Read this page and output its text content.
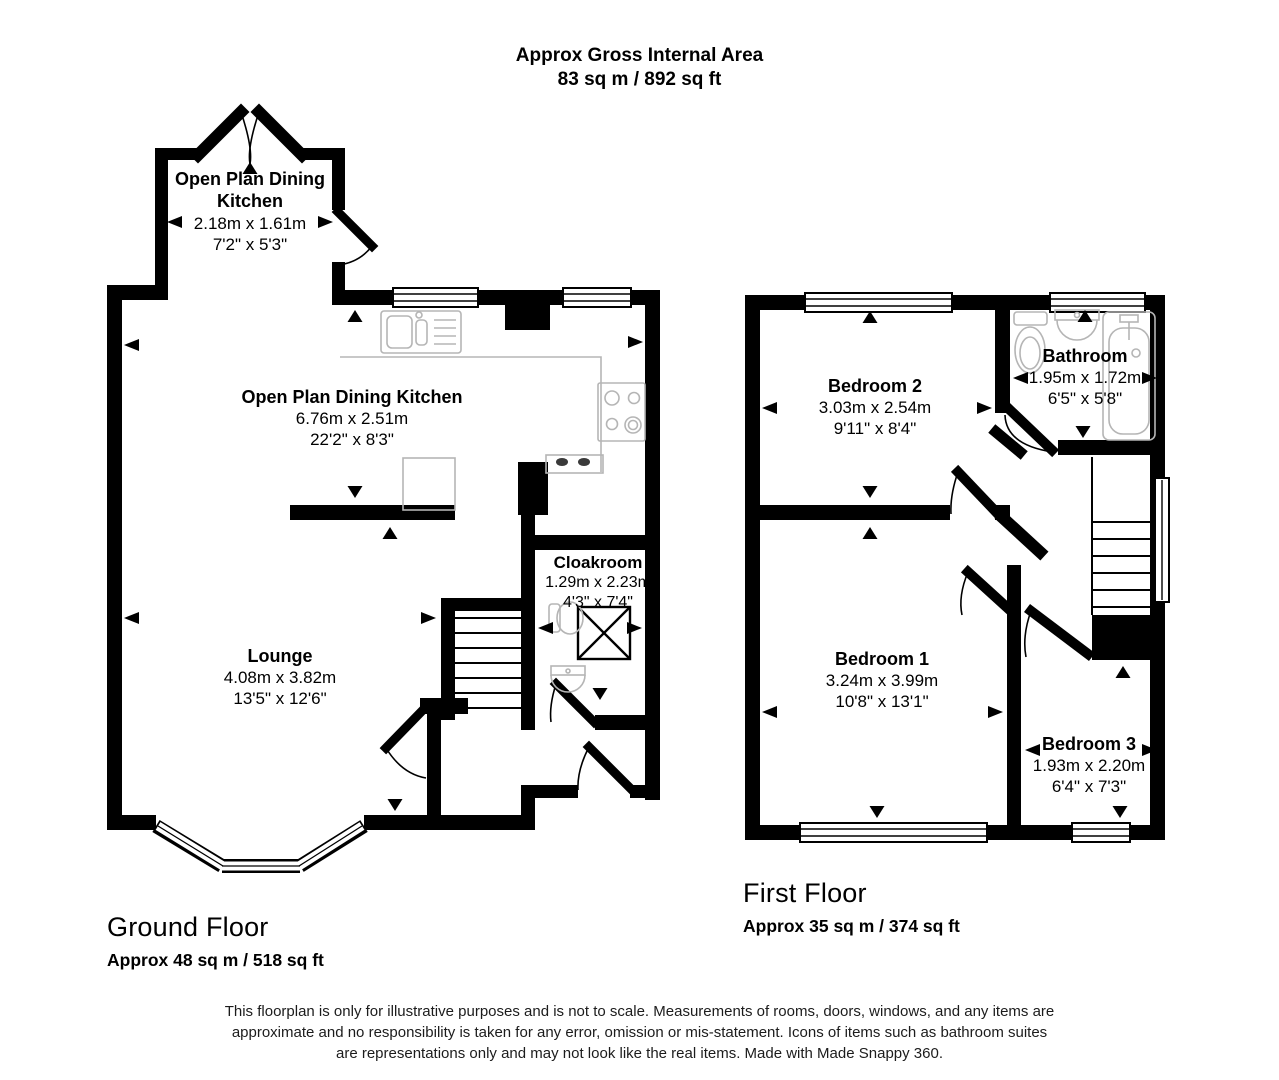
Approx Gross Internal Area
83 sq m / 892 sq ft
Open Plan Dining Kitchen
2.18m x 1.61m
7'2" x 5'3"
Open Plan Dining Kitchen
6.76m x 2.51m
22'2" x 8'3"
Cloakroom
1.29m x 2.23m
4'3" x 7'4"
Lounge
4.08m x 3.82m
13'5" x 12'6"
Bedroom 2
3.03m x 2.54m
9'11" x 8'4"
Bathroom
1.95m x 1.72m
6'5" x 5'8"
Bedroom 1
3.24m x 3.99m
10'8" x 13'1"
Bedroom 3
1.93m x 2.20m
6'4" x 7'3"
Ground Floor
Approx 48 sq m / 518 sq ft
First Floor
Approx 35 sq m / 374 sq ft
This floorplan is only for illustrative purposes and is not to scale. Measurements of rooms, doors, windows, and any items are
approximate and no responsibility is taken for any error, omission or mis-statement. Icons of items such as bathroom suites
are representations only and may not look like the real items. Made with Made Snappy 360.
